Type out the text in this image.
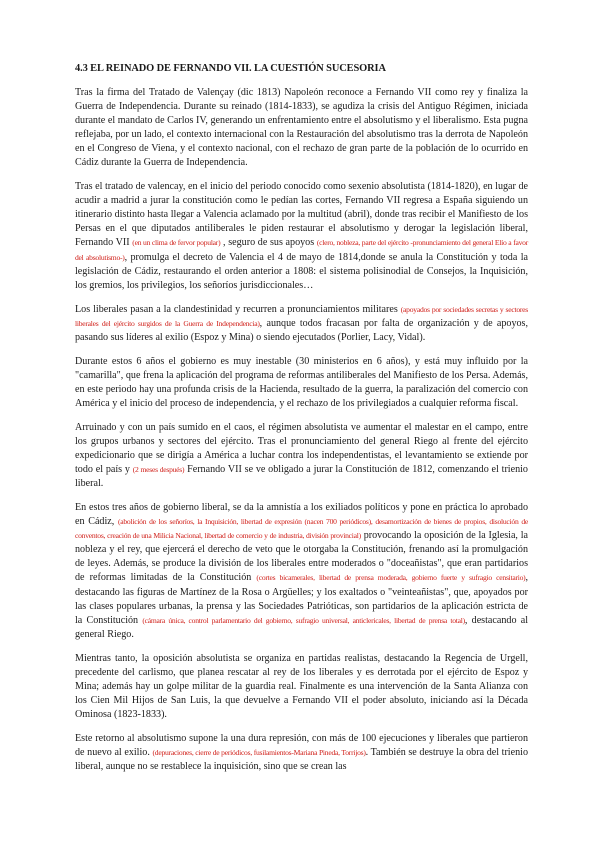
4.3 EL REINADO DE FERNANDO VII. LA CUESTIÓN SUCESORIA

Tras la firma del Tratado de Valençay (dic 1813) Napoleón reconoce a Fernando VII como rey y finaliza la Guerra de Independencia. Durante su reinado (1814-1833), se agudiza la crisis del Antiguo Régimen, iniciada durante el mandato de Carlos IV, generando un enfrentamiento entre el absolutismo y el liberalismo. Esta pugna reflejaba, por un lado, el contexto internacional con la Restauración del absolutismo tras la derrota de Napoleón en el Congreso de Viena, y el contexto nacional, con el rechazo de gran parte de la población de lo ocurrido en Cádiz durante la Guerra de Independencia.

Tras el tratado de valencay, en el inicio del periodo conocido como sexenio absolutista (1814-1820), en lugar de acudir a madrid a jurar la constitución como le pedían las cortes, Fernando VII regresa a España siguiendo un itinerario distinto hasta llegar a Valencia aclamado por la multitud (abril), donde tras recibir el Manifiesto de los Persas en el que diputados antiliberales le piden restaurar el absolutismo y derogar la legislación liberal, Fernando VII (en un clima de fervor popular) , seguro de sus apoyos (clero, nobleza, parte del ejército -pronunciamiento del general Elío a favor del absolutismo-), promulga el decreto de Valencia el 4 de mayo de 1814,donde se anula la Constitución y toda la legislación de Cádiz, restaurando el orden anterior a 1808: el sistema polisinodial de Consejos, la Inquisición, los gremios, los privilegios, los señoríos jurisdiccionales…

Los liberales pasan a la clandestinidad y recurren a pronunciamientos militares (apoyados por sociedades secretas y sectores liberales del ejército surgidos de la Guerra de Independencia), aunque todos fracasan por falta de organización y de apoyos, pasando sus líderes al exilio (Espoz y Mina) o siendo ejecutados (Porlier, Lacy, Vidal).

Durante estos 6 años el gobierno es muy inestable (30 ministerios en 6 años), y está muy influido por la "camarilla", que frena la aplicación del programa de reformas antiliberales del Manifiesto de los Persa. Además, en este periodo hay una profunda crisis de la Hacienda, resultado de la guerra, la paralización del comercio con América y el inicio del proceso de independencia, y el rechazo de los privilegiados a cualquier reforma fiscal.

Arruinado y con un país sumido en el caos, el régimen absolutista ve aumentar el malestar en el campo, entre los grupos urbanos y sectores del ejército. Tras el pronunciamiento del general Riego al frente del ejército expedicionario que se dirigía a América a luchar contra los independentistas, el levantamiento se extiende por todo el país y (2 meses después) Fernando VII se ve obligado a jurar la Constitución de 1812, comenzando el trienio liberal.

En estos tres años de gobierno liberal, se da la amnistía a los exiliados políticos y pone en práctica lo aprobado en Cádiz, (abolición de los señoríos, la Inquisición, libertad de expresión (nacen 700 periódicos), desamortización de bienes de propios, disolución de conventos, creación de una Milicia Nacional, libertad de comercio y de industria, división provincial) provocando la oposición de la Iglesia, la nobleza y el rey, que ejercerá el derecho de veto que le otorgaba la Constitución, frenando así la promulgación de leyes. Además, se produce la división de los liberales entre moderados o "doceañistas", que eran partidarios de reformas limitadas de la Constitución (cortes bicamerales, libertad de prensa moderada, gobierno fuerte y sufragio censitario), destacando las figuras de Martínez de la Rosa o Argüelles; y los exaltados o "veinteañistas", que, apoyados por las clases populares urbanas, la prensa y las Sociedades Patrióticas, son partidarios de la aplicación estricta de la Constitución (cámara única, control parlamentario del gobierno, sufragio universal, anticlericales, libertad de prensa total), destacando al general Riego.

Mientras tanto, la oposición absolutista se organiza en partidas realistas, destacando la Regencia de Urgell, precedente del carlismo, que planea rescatar al rey de los liberales y es derrotada por el ejército de Espoz y Mina; además hay un golpe militar de la guardia real. Finalmente es una intervención de la Santa Alianza con los Cien Mil Hijos de San Luis, la que devuelve a Fernando VII el poder absoluto, iniciando así la Década Ominosa (1823-1833).

Este retorno al absolutismo supone la una dura represión, con más de 100 ejecuciones y liberales que partieron de nuevo al exilio. (depuraciones, cierre de periódicos, fusilamientos-Mariana Pineda, Torrijos). También se destruye la obra del trienio liberal, aunque no se restablece la inquisición, sino que se crean las
